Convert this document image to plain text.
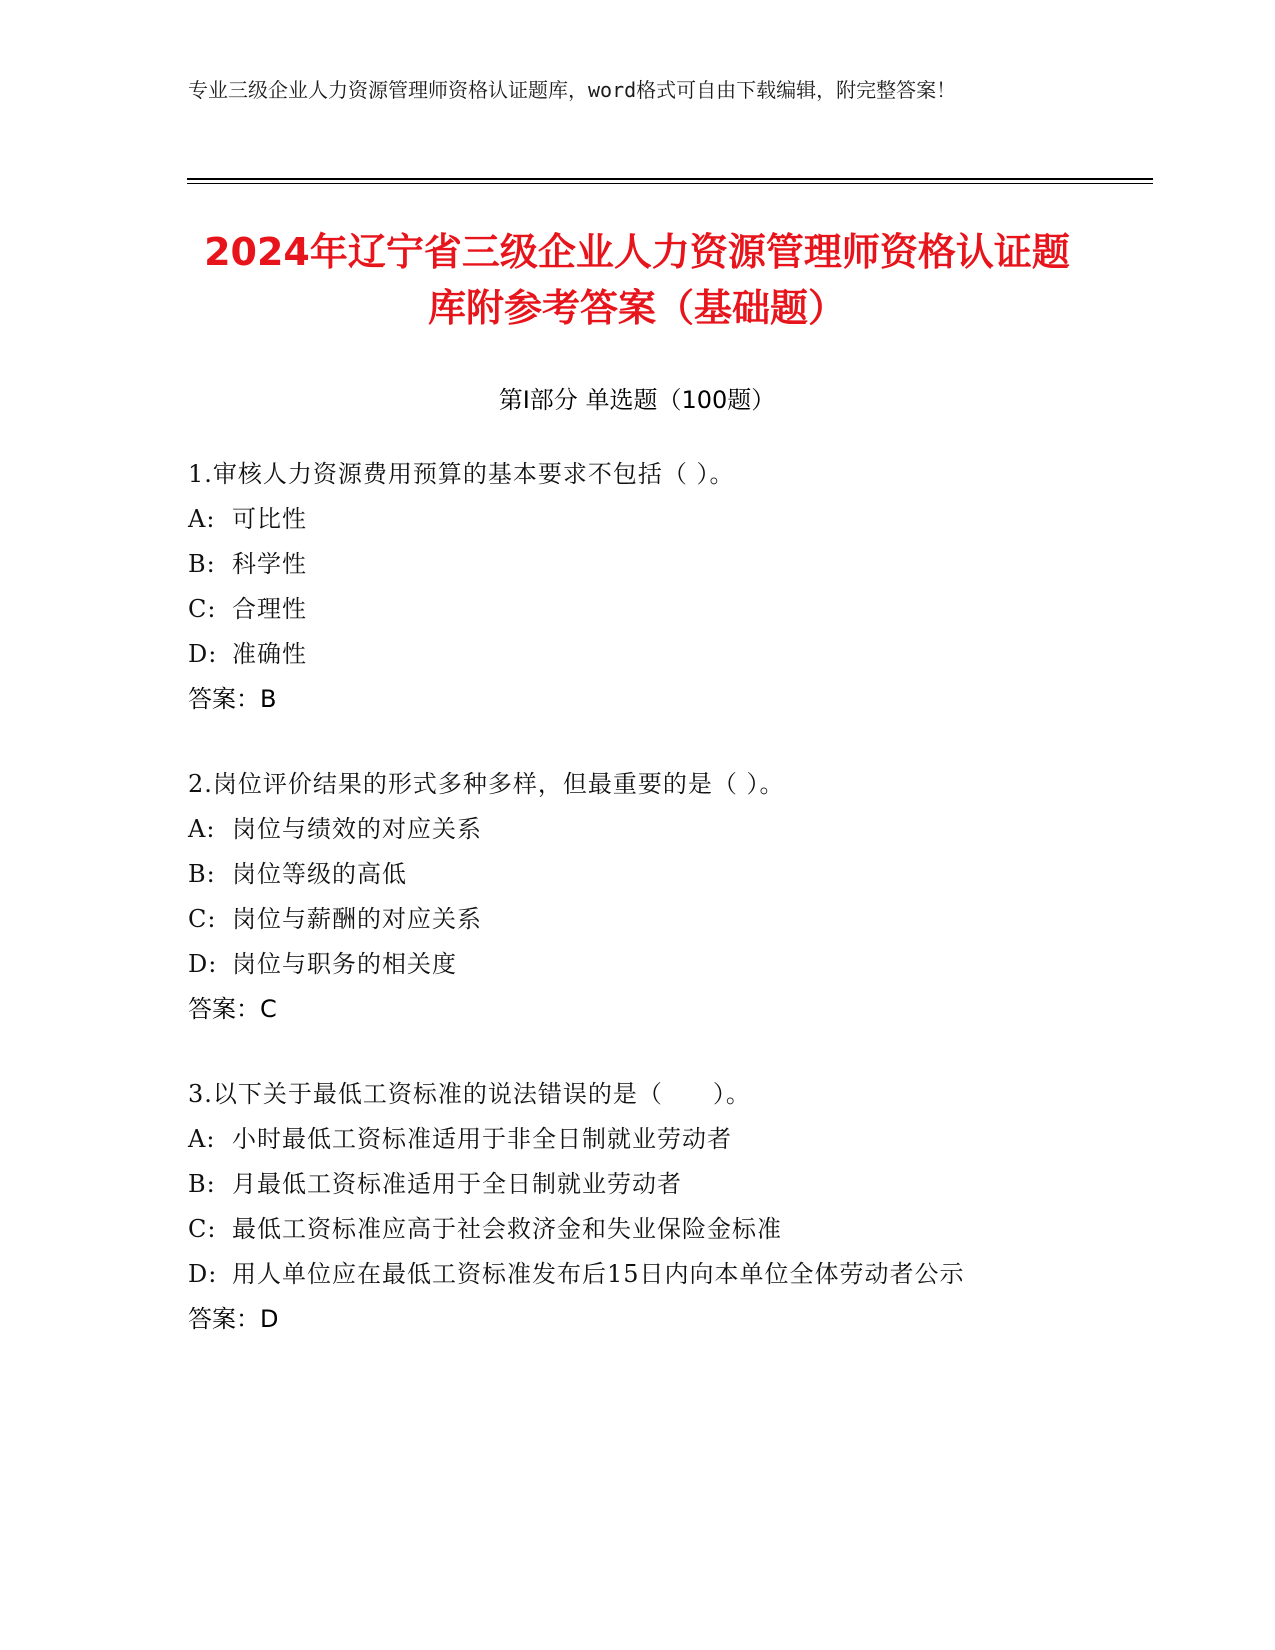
专业三级企业人力资源管理师资格认证题库，word格式可自由下载编辑，附完整答案！
2024年辽宁省三级企业人力资源管理师资格认证题库附参考答案（基础题）
第Ⅰ部分 单选题（100题）

1.审核人力资源费用预算的基本要求不包括（ ）。

A: 可比性

B: 科学性

C: 合理性

D: 准确性

答案：B

2.岗位评价结果的形式多种多样，但最重要的是（ ）。

A: 岗位与绩效的对应关系

B: 岗位等级的高低

C: 岗位与薪酬的对应关系

D: 岗位与职务的相关度

答案：C

3.以下关于最低工资标准的说法错误的是（　　）。

A: 小时最低工资标准适用于非全日制就业劳动者

B: 月最低工资标准适用于全日制就业劳动者

C: 最低工资标准应高于社会救济金和失业保险金标准

D: 用人单位应在最低工资标准发布后15日内向本单位全体劳动者公示

答案：D
